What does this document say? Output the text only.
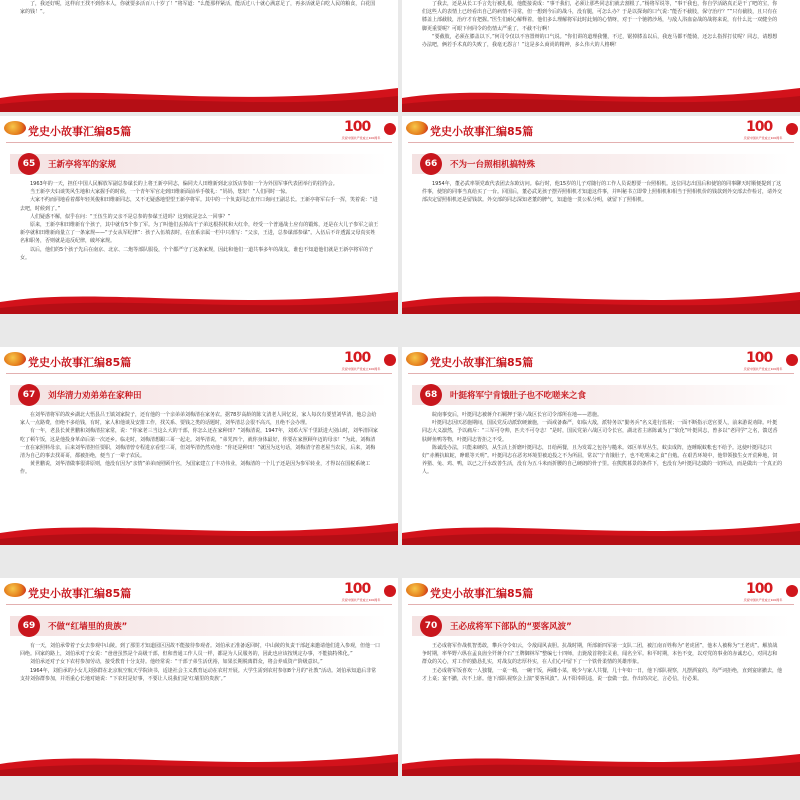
了，我还好呢，这样肩王找不到你本人，你就要多活百八十岁了！”将军道：“么能那样紧活，能活过八十就心满意足了，再多活就是白吃人民的粮食，白花国家的钱！”。

了我去，还是从长工手言先行被扎根，他能接说成：“事干我们，必须让那些同志们就去割根了。”杨将军说等，“事干我也，你自学活路真正是干了吧的宝，你们这些人的表情上已经看出自己的病情不寻常，但一想到今后的战斗，没有腿，可怎么办？于是以探询的口气说：”能否不截肢，保守治疗？””只有截肢，且只有在膝盖上部截肢，治疗才有把握。”医生们耐心解释着，他们多么理解将军此时此刻的心情呀，对于一个驰骋沙场，与敌人浴血奋战的战将来说，有什么比一双健全的脚更重要呢？可眼下何同令的伤情太严重了，不截不行啊！

“要截肢，必须在膝盖以下。”何司令仅以不容置辩的口气说。“你们讲的道理我懂，不过，锯掉膝盖以后，我连马都不能骑，还怎么指挥打仗呢？同志，请想想办法吧，俩若手术真的失败了，我毫无怨言！”这是多么商尚的精神，多么伟大的人格啊！

党史小故事汇编85篇	100
庆祝中国共产党成立100周年
65	王新亭将军的家规

1963年的一天，担任中国人民解放军副总参谋长的上将王新亭同志，偏同夫人田维新到北京饭店参加一个为外国军事代表团举行的招待会。

当王新亭夫妇谈笑风生地和大家握手的时候，一个青年军官走到田维新面前举手敬礼：“妈妈，您好！”人们同时一惊。

大家不约而同地看着都年轻英俊和田维新同志，又不无疑惑地望望王新亭将军。其中的一个负责同志直开口询问王副总长。王新亭将军右手一挥，笑着说：“进去吧，时候到了。”

人们疑惑不解，似乎在问：“王伍生的父亲不是总参的参谋王进吗？这到底是怎么一回事？”

原来，王新亭和田维新有个孩子，其中就有5个参了军。为了叫他们丢掉高干子弟这根拐杖和大红伞，经受一个普通战士应有的锻炼，还是在大儿子参军之前王新亭就和田维新商量立了一条家规——“子女从军纪律”：孩子入伍填表时，在直系亲属一栏中只准写：“父亲，王进，总参谋部参谋”。入伍后不许透露父母真实姓名和职务，否则就是违反纪律，破坏家规。

以后，他们的5个孩子先后在南京、北京、二炮等部队服役，个个都严守了这条家规，因此和他们一道共事多年的战友，谁也不知道他们就是王新亭将军的子女。

党史小故事汇编85篇	100
庆祝中国共产党成立100周年
66	不为一台照相机搞特殊

1954年，董必武率领党政代表团去东欧访问。临行时，他15岁的儿子对随行的工作人员说想要一台照相机。这位同志出国后和使馆的同事聊天时顺便提到了这件事，使馆的同事当真给买了一台。回国后，董必武见孩子摆弄照相机才知道这件事，并叫秘书立即带上照相机和相当于照相机价的钱款到外交部去作检讨，请外交部决定留照相机还是留钱款。外交部的同志深知老董的脾气，知道他一贯公私分明，就留下了照相机。

党史小故事汇编85篇	100
庆祝中国共产党成立100周年
67	刘华清力劝弟弟在家种田

在刘华清将军的故乡湖北大悟县吕王镇刘家院子，还有他的一个亲弟弟刘梅清在家务农。据78岁高龄的陈文清老人回忆说，家人每次有要望刘华清，他总会给家人一点路费，但绝不多给钱，有时，家人和他谈及安排工作，找关系、要钱之类的话题时，刘华清总会很不高兴，且绝不会办理。

有一年，老县长黄世鹏和刘梅清拉家常，说：“你家老三当这么大的干部，你怎么还在家种田？”刘梅清说，1947年，刘邓大军千里跃进大别山时，刘华清回家吃了顿午饭，这是他投身革命后第一次还乡。临走时，刘梅清想跟三哥一起走。刘华清说，“弟咒四个，就你身体最好，你要在家照顾年迈的母亲！”为此，刘梅清一直在家照料母亲，后来刘华清担任要职，刘梅清曾专程进京看望三哥，但刘华清仍然劝他：“你还是种田！”就因为这句话，刘梅清守着老屋当农民，后来，刘梅清为自己的事去找哥哥，都被拒绝，便当了一辈子农民。

黄世鹏说，刘华清做事很讲原则，他没有因为“亲情”弟弟而照顾升官，为国家建立了丰功伟业，刘梅清的一个儿子还是因为参军转业，才得以在国税系统工作。

党史小故事汇编85篇	100
庆祝中国共产党成立100周年
68	叶挺将军宁肯饿肚子也不吃嗟来之食

皖南事变后，叶挺同志被蒋介石羁押于第六战区长官司令部所在地——恩施。

叶挺同志因厌恶施期间，国民党反动派软硬兼施，一面戒备森严，如临大敌，派特务以“勤务兵”名义进行监视；一面不断指示送官要人，前来游说劝降。叶挺同志大义凛然，予以痛斥：“三军可夺帅，匹夫不可夺志！”是时，国民党第六战区司令长官，湖北省主席陈诚为了“软化”叶挺同志，曾多以“老同学”之名，馈送香肤鲜鱼鸭等物，叶挺同志皆拒之不受。

陈诚没办法，只能来硬的，从生活上折磨叶挺同志，日给两餐，且为发霉之包谷与糙米。郊区单草丛生，蚊虫成阵，连睡眠蚊帐也不给予。这使叶挺同志只好“赤膊抗蚊蛇，睁眼等天明”。叶挺同志在恶劣环境里被迫投之不为所屈，常以“宁肯饿肚子，也不吃嗟来之食”自勉。在艰苦环境中，他带领独生女开荒种地，饲养猪、兔、鸡、鸭，以已之汗水改善生活，没有为五斗米而折腰的自己硬朗的骨子里。在熊熊暮景的条件下，也没有为叶挺同志做的一切所动，而是做出一个真正的人。

党史小故事汇编85篇	100
庆祝中国共产党成立100周年
69	不做“红墙里的贵族”

有一天，刘伯承带着子女去参观中山陵。到了那里才知道园区因故不能接待参观者。刘伯承正准备返回时，中山陵的负责干部赶来邀请他们进入参观，但他一口回绝。回家的路上，刘伯承对子女说：“爸爸虽然是个高级干部，但和普通工作人员一样，都是为人民服务的，因此也应该按规定办事，不能搞特殊化。”

刘伯承还对子女下农村参加劳动，接受教育十分支持。他经常说：“干部子弟生活优裕，如果长期脱离群众，将会养成资产阶级意识。”

1964年，刘伯承的小女儿刘弥群在北京航空航天学院读书，适逢社会主义教育运动在农村开展。大学生需到农村参加8个月的“社教”活动。刘伯承知道后非常支持刘弥群参加，并语重心长地对她说：“下农村是好事，不要让人说我们是‘红墙里的贵族’。”

党史小故事汇编85篇	100
庆祝中国共产党成立100周年
70	王必成将军下部队的“要客风波”

王必成将军作战机智勇敢，攀兵夺令如云，令敌闻风丧胆。抗战时期，所部新四军第一支队二团，被江南百姓称为“老虎团”，他本人被称为“王老虎”。解放战争时期，率华野六纵在孟良崮全歼蒋介石“王牌御林军”整编七十四师，击毙敌首将张灵甫，闻名全军。和平时期，本色不变，以对党的事业的赤诚忠心，对同志和群众的关心，对工作的勤恳扎实，对战友的忠厚朴实，在人们心中留下了一个铁骨柔情的英雄形象。

王必成将军饭喜欢一人独餐，一桌一椅，一碗干饭，两碟小菜，吸少与家人共餐，几十年如一日，他下部队视察，凡摆酒宴的，均严词拒绝，直到宴席撤去，他才上桌；宴不撤，决不上席。他下部队视察会上演“要客风波”。从不阳奉阴违，说一套做一套。作出的决定，言必信，行必果。
